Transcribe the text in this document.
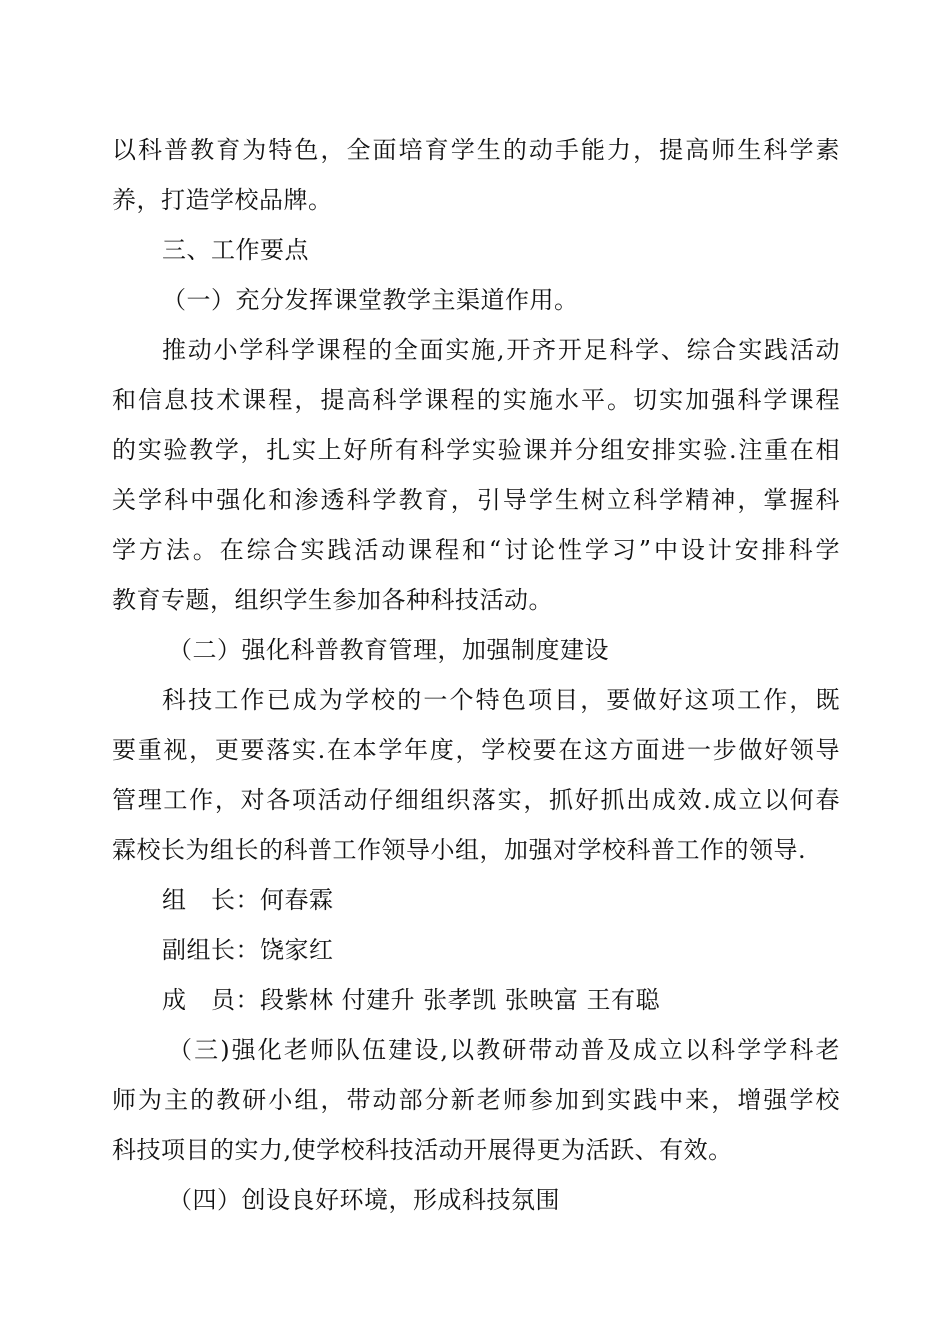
以科普教育为特色，全面培育学生的动手能力，提高师生科学素
养，打造学校品牌。
三、工作要点
（一）充分发挥课堂教学主渠道作用。
推动小学科学课程的全面实施,开齐开足科学、综合实践活动
和信息技术课程，提高科学课程的实施水平。切实加强科学课程
的实验教学，扎实上好所有科学实验课并分组安排实验.注重在相
关学科中强化和渗透科学教育，引导学生树立科学精神，掌握科
学方法。在综合实践活动课程和“讨论性学习”中设计安排科学
教育专题，组织学生参加各种科技活动。
（二）强化科普教育管理，加强制度建设
科技工作已成为学校的一个特色项目，要做好这项工作，既
要重视，更要落实.在本学年度，学校要在这方面进一步做好领导
管理工作，对各项活动仔细组织落实，抓好抓出成效.成立以何春
霖校长为组长的科普工作领导小组，加强对学校科普工作的领导.
组　长：何春霖
副组长：饶家红
成　员：段紫林 付建升 张孝凯 张映富 王有聪
（三)强化老师队伍建设,以教研带动普及成立以科学学科老
师为主的教研小组，带动部分新老师参加到实践中来，增强学校
科技项目的实力,使学校科技活动开展得更为活跃、有效。
（四）创设良好环境，形成科技氛围
